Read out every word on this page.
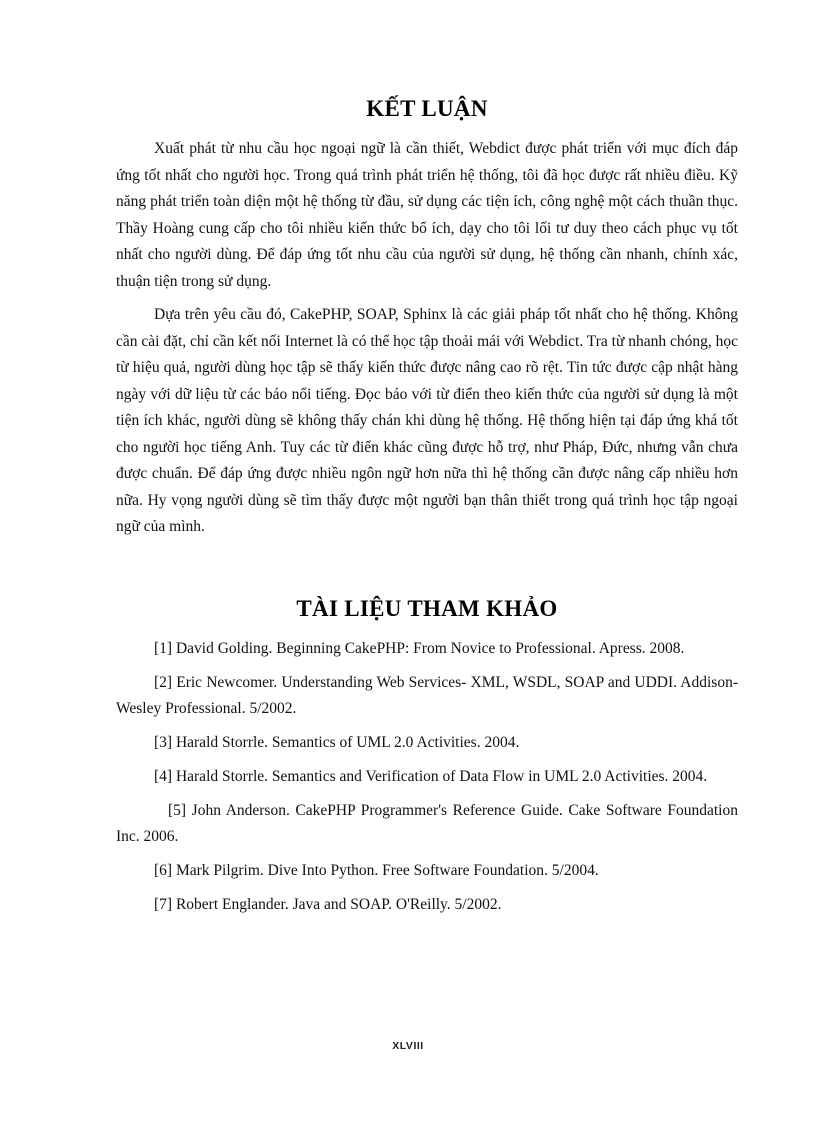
KẾT LUẬN

Xuất phát từ nhu cầu học ngoại ngữ là cần thiết, Webdict được phát triển với mục đích đáp ứng tốt nhất cho người học. Trong quá trình phát triển hệ thống, tôi đã học được rất nhiều điều. Kỹ năng phát triển toàn diện một hệ thống từ đầu, sử dụng các tiện ích, công nghệ một cách thuần thục. Thầy Hoàng cung cấp cho tôi nhiều kiến thức bổ ích, dạy cho tôi lối tư duy theo cách phục vụ tốt nhất cho người dùng. Để đáp ứng tốt nhu cầu của người sử dụng, hệ thống cần nhanh, chính xác, thuận tiện trong sử dụng.

Dựa trên yêu cầu đó, CakePHP, SOAP, Sphinx là các giải pháp tốt nhất cho hệ thống. Không cần cài đặt, chỉ cần kết nối Internet là có thể học tập thoải mái với Webdict. Tra từ nhanh chóng, học từ hiệu quả, người dùng học tập sẽ thấy kiến thức được nâng cao rõ rệt. Tin tức được cập nhật hàng ngày với dữ liệu từ các báo nổi tiếng. Đọc báo với từ điển theo kiến thức của người sử dụng là một tiện ích khác, người dùng sẽ không thấy chán khi dùng hệ thống. Hệ thống hiện tại đáp ứng khá tốt cho người học tiếng Anh. Tuy các từ điển khác cũng được hỗ trợ, như Pháp, Đức, nhưng vẫn chưa được chuẩn. Để đáp ứng được nhiều ngôn ngữ hơn nữa thì hệ thống cần được nâng cấp nhiều hơn nữa. Hy vọng người dùng sẽ tìm thấy được một người bạn thân thiết trong quá trình học tập ngoại ngữ của mình.

TÀI LIỆU THAM KHẢO
[1] David Golding. Beginning CakePHP: From Novice to Professional. Apress. 2008.
[2] Eric Newcomer. Understanding Web Services- XML, WSDL, SOAP and UDDI. Addison-Wesley Professional. 5/2002.
[3] Harald Storrle. Semantics of UML 2.0 Activities. 2004.
[4] Harald Storrle. Semantics and Verification of Data Flow in UML 2.0 Activities. 2004.
[5] John Anderson. CakePHP Programmer's Reference Guide. Cake Software Foundation Inc. 2006.
[6] Mark Pilgrim. Dive Into Python. Free Software Foundation. 5/2004.
[7] Robert Englander. Java and SOAP. O'Reilly. 5/2002.
XLVIII
